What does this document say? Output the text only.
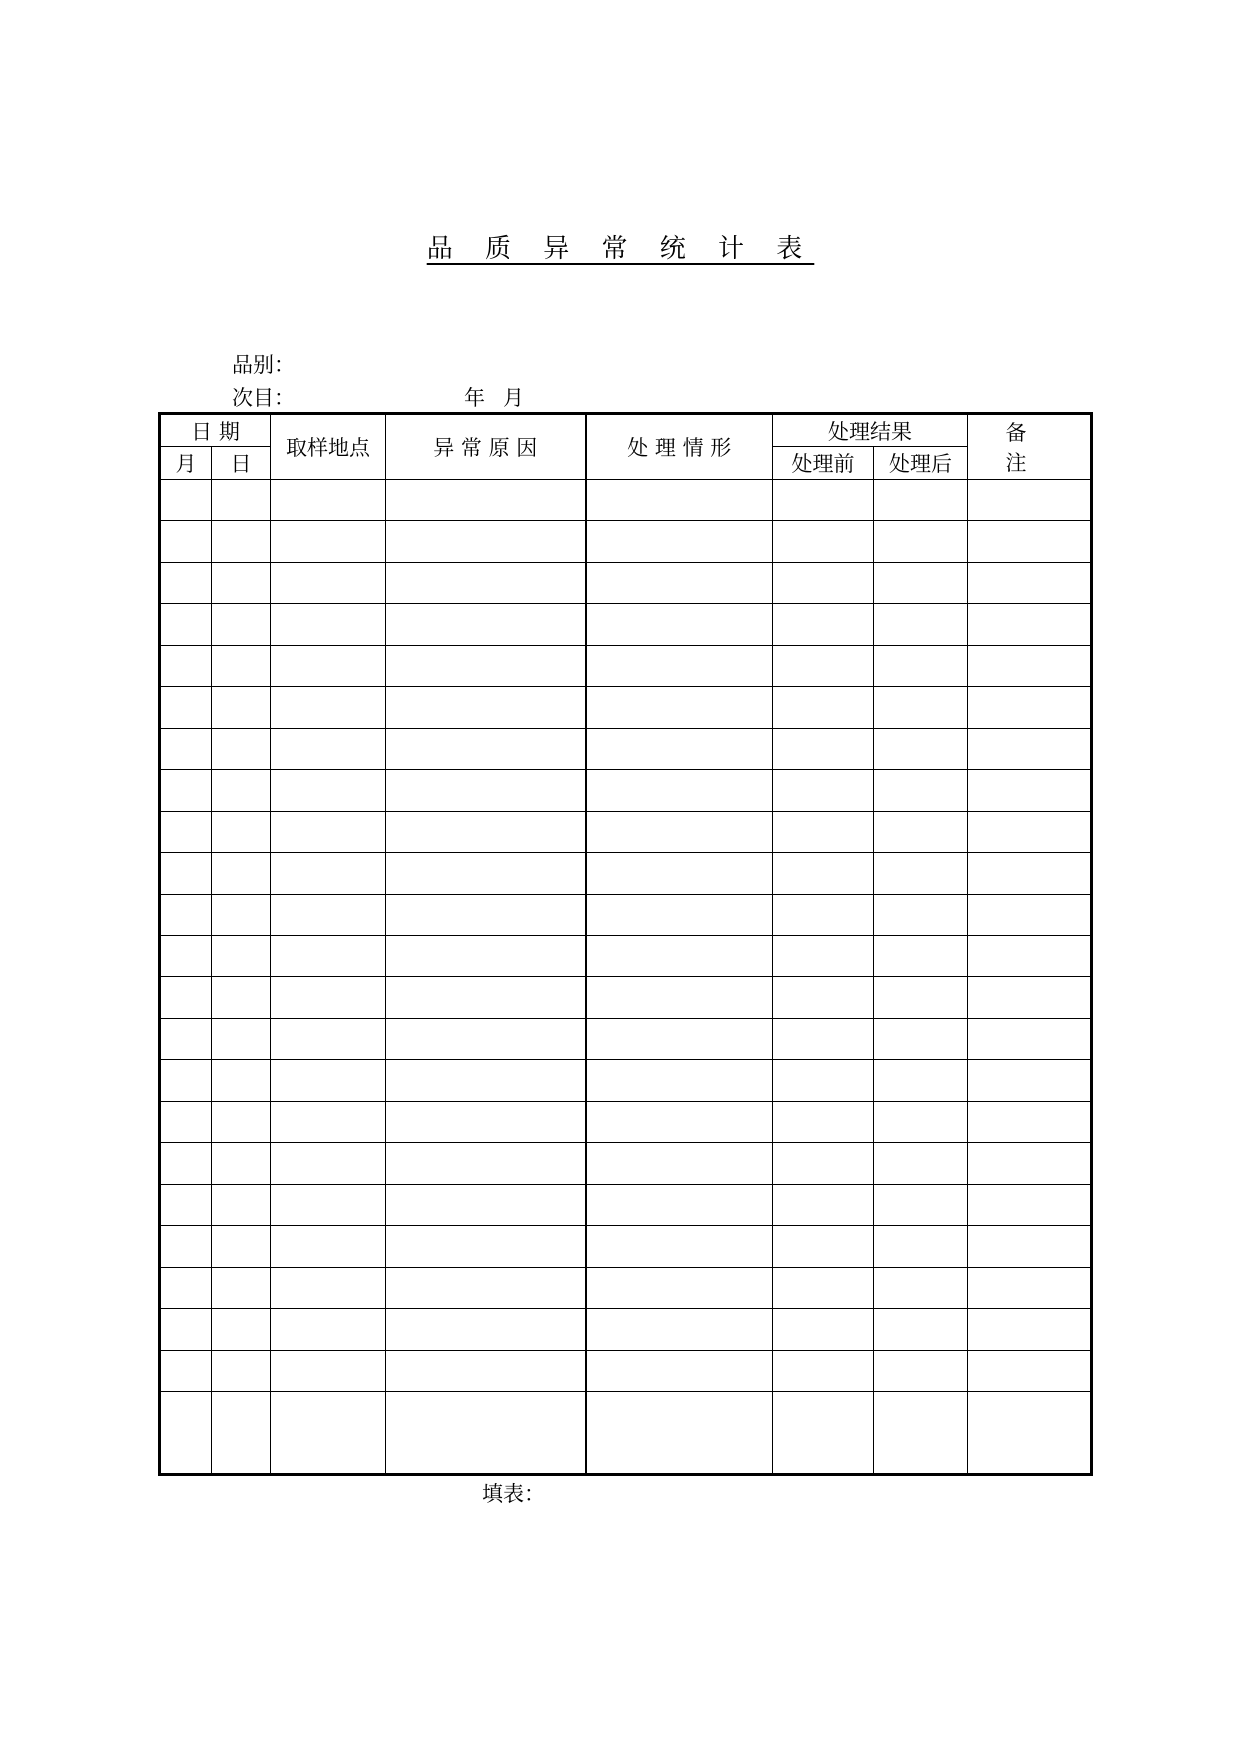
品 质 异 常 统 计 表
品别：
次目：	年 月
日 期		取样地点	异 常 原 因	处 理 情 形	处理结果		备 注
月	日				处理前	处理后	

填表：
